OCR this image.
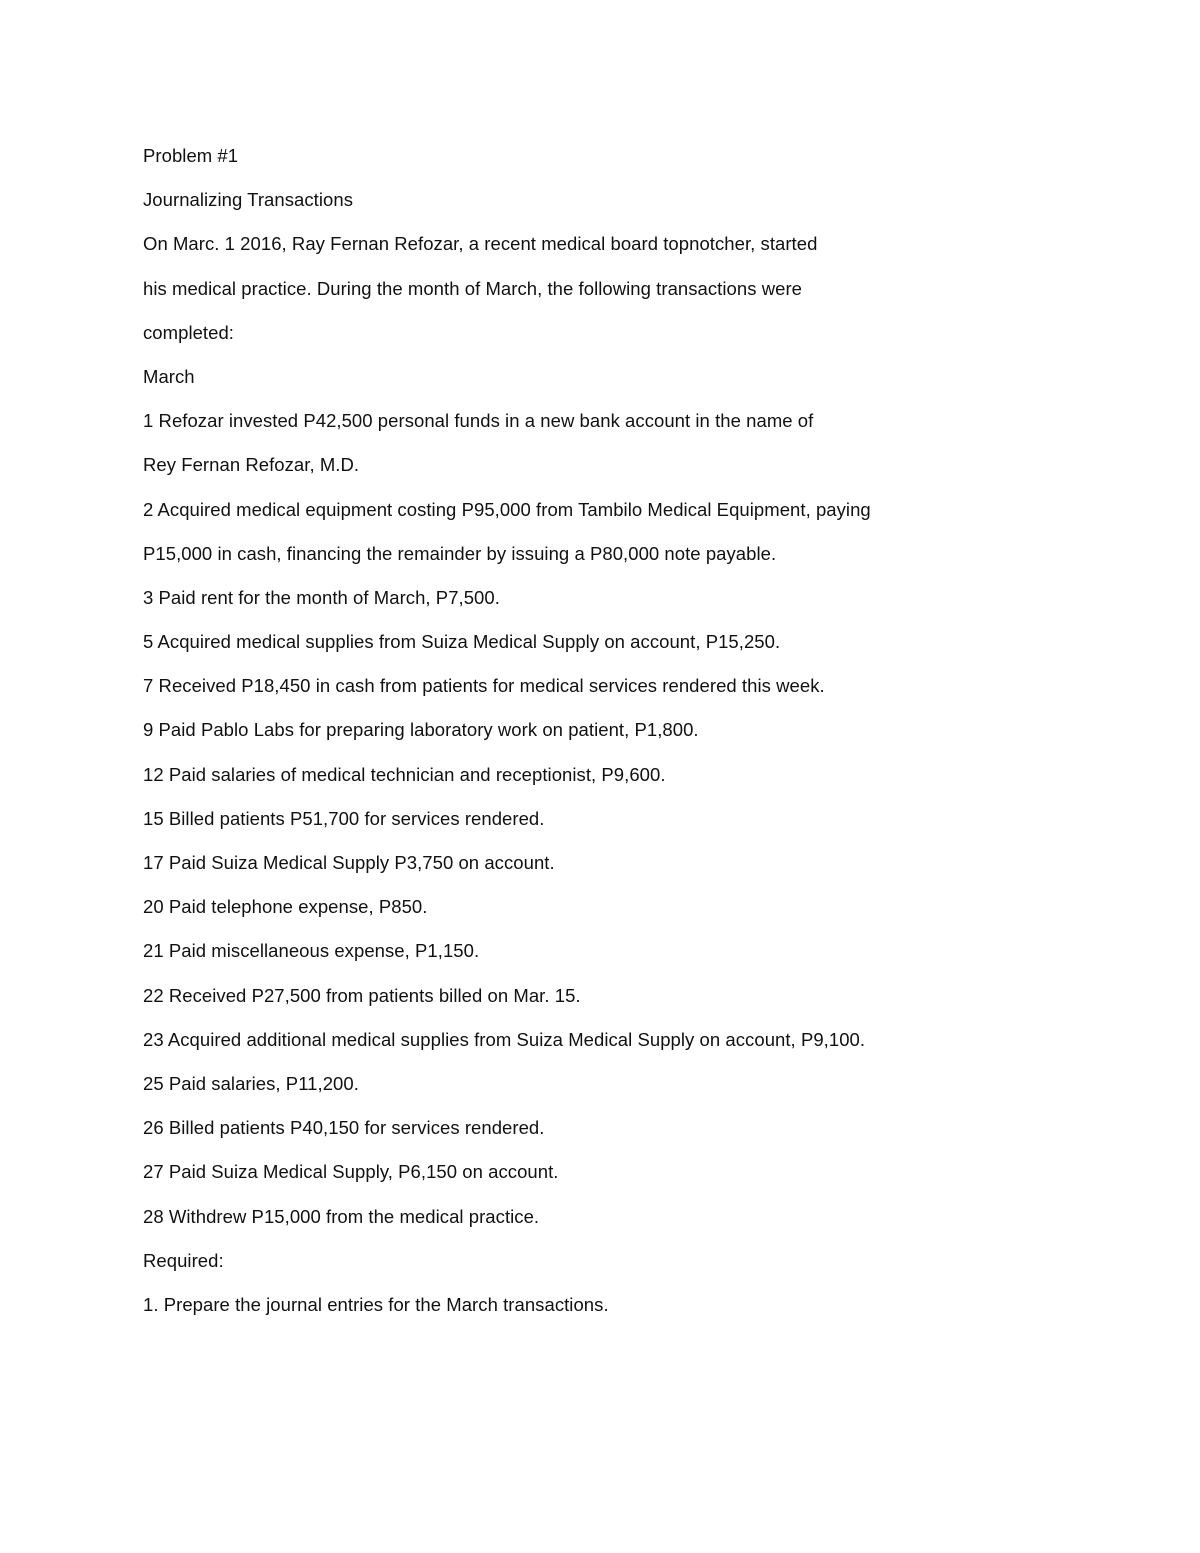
Problem #1
Journalizing Transactions
On Marc. 1 2016, Ray Fernan Refozar, a recent medical board topnotcher, started
his medical practice. During the month of March, the following transactions were
completed:
March
1 Refozar invested P42,500 personal funds in a new bank account in the name of
Rey Fernan Refozar, M.D.
2 Acquired medical equipment costing P95,000 from Tambilo Medical Equipment, paying
P15,000 in cash, financing the remainder by issuing a P80,000 note payable.
3 Paid rent for the month of March, P7,500.
5 Acquired medical supplies from Suiza Medical Supply on account, P15,250.
7 Received P18,450 in cash from patients for medical services rendered this week.
9 Paid Pablo Labs for preparing laboratory work on patient, P1,800.
12 Paid salaries of medical technician and receptionist, P9,600.
15 Billed patients P51,700 for services rendered.
17 Paid Suiza Medical Supply P3,750 on account.
20 Paid telephone expense, P850.
21 Paid miscellaneous expense, P1,150.
22 Received P27,500 from patients billed on Mar. 15.
23 Acquired additional medical supplies from Suiza Medical Supply on account, P9,100.
25 Paid salaries, P11,200.
26 Billed patients P40,150 for services rendered.
27 Paid Suiza Medical Supply, P6,150 on account.
28 Withdrew P15,000 from the medical practice.
Required:
1. Prepare the journal entries for the March transactions.
